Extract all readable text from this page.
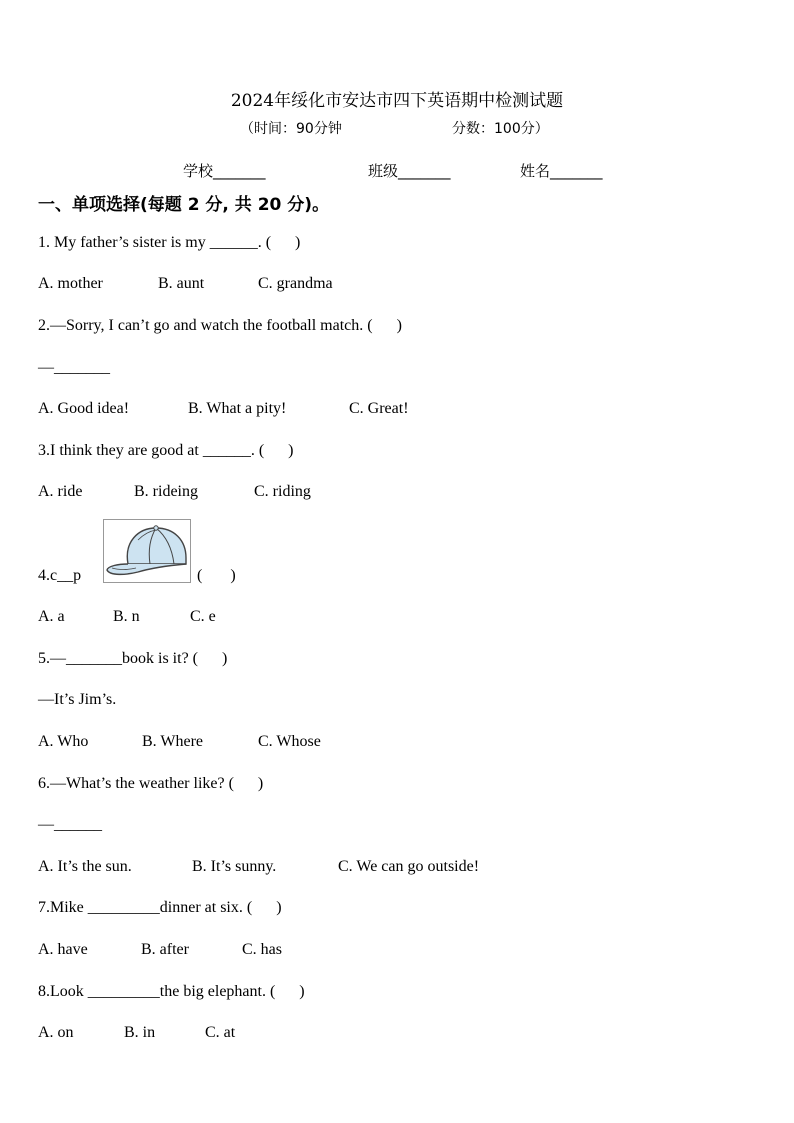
2024年绥化市安达市四下英语期中检测试题
（时间：90分钟	分数：100分）
学校_______	班级_______	姓名_______
一、单项选择(每题 2 分, 共 20 分)。
1. My father’s sister is my ______. (      )
A. mother	B. aunt	C. grandma
2.—Sorry, I can’t go and watch the football match. (      )
—_______
A. Good idea!	B. What a pity!	C. Great!
3.I think they are good at ______. (      )
A. ride	B. rideing	C. riding
4.c__p	(       )
A. a	B. n	C. e
5.—_______book is it? (      )
—It’s Jim’s.
A. Who	B. Where	C. Whose
6.—What’s the weather like? (      )
—______
A. It’s the sun.	B. It’s sunny.	C. We can go outside!
7.Mike _________dinner at six. (      )
A. have	B. after	C. has
8.Look _________the big elephant. (      )
A. on	B. in	C. at
